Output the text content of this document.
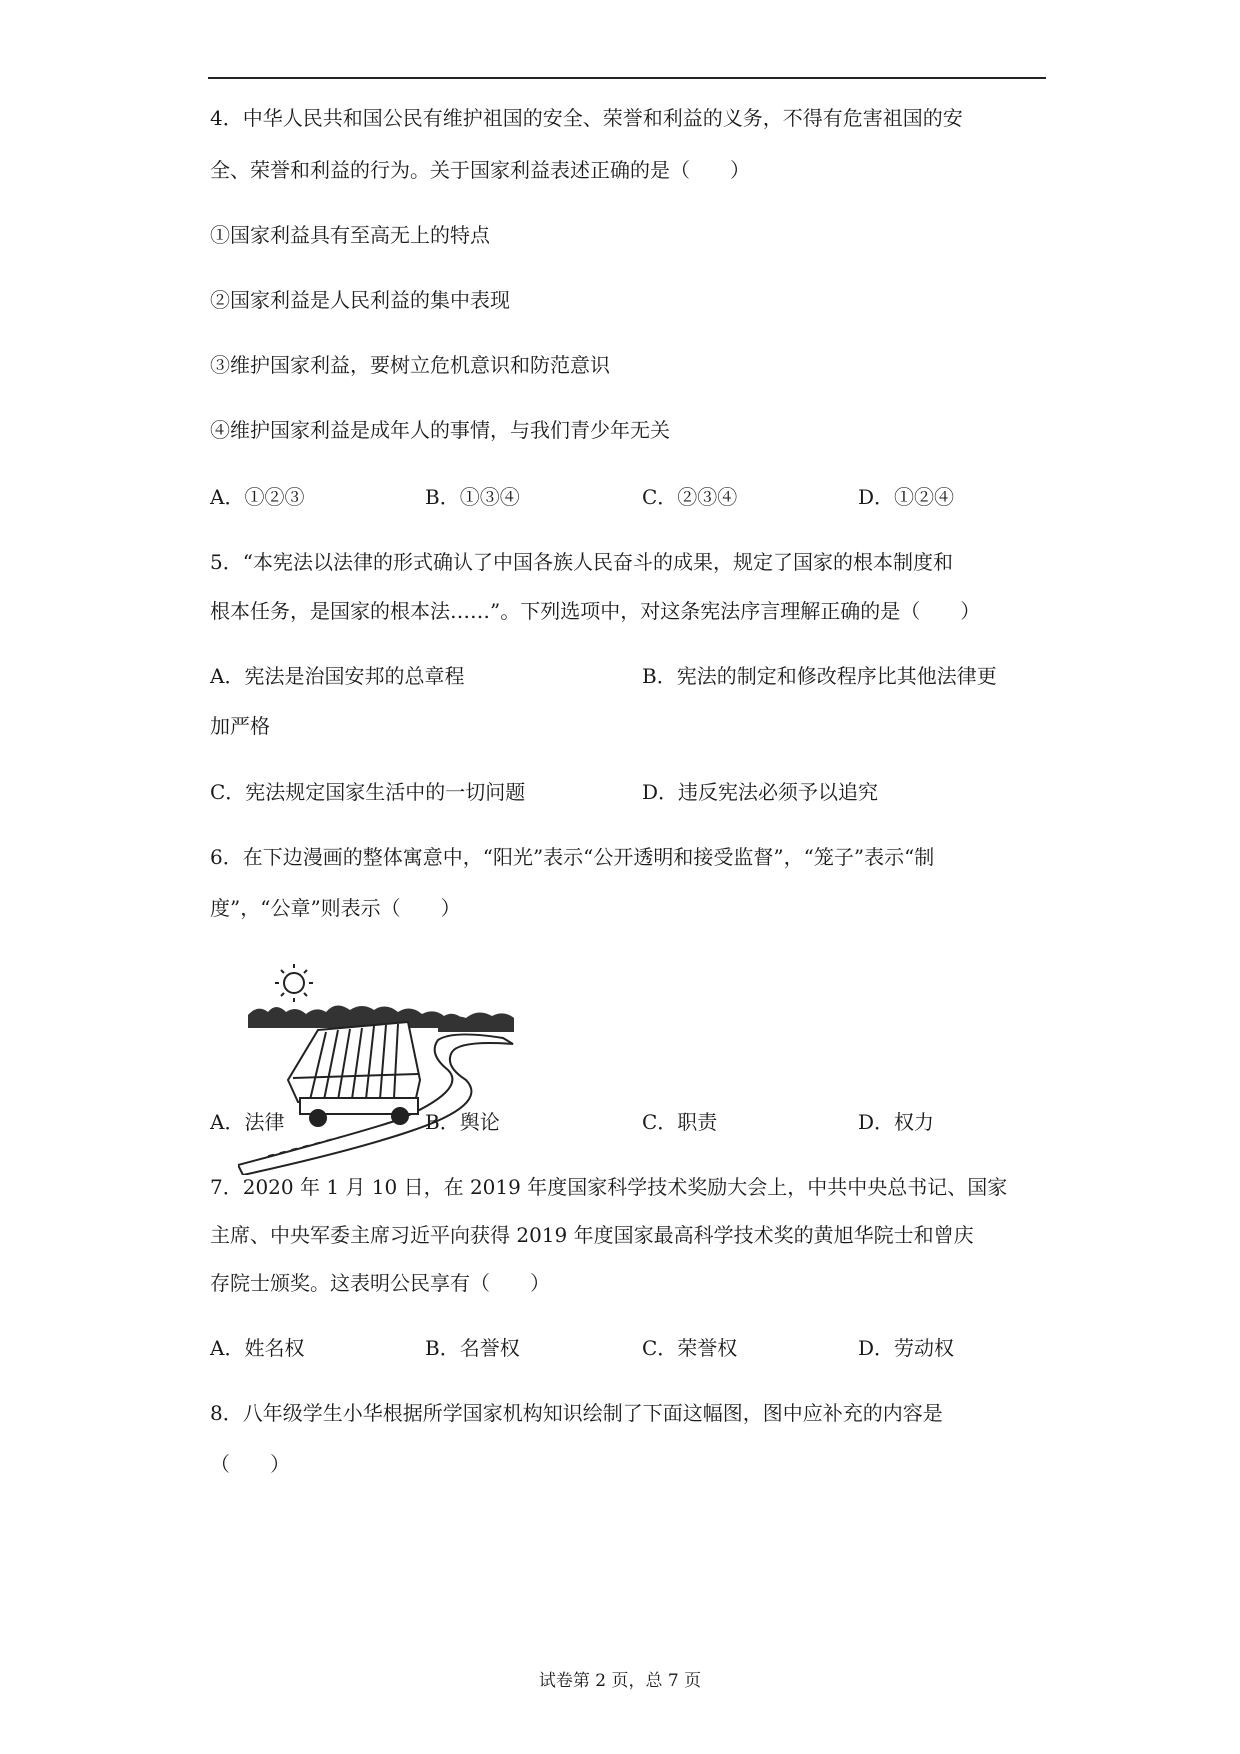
4．中华人民共和国公民有维护祖国的安全、荣誉和利益的义务，不得有危害祖国的安
全、荣誉和利益的行为。关于国家利益表述正确的是（　　）
①国家利益具有至高无上的特点
②国家利益是人民利益的集中表现
③维护国家利益，要树立危机意识和防范意识
④维护国家利益是成年人的事情，与我们青少年无关
A．①②③	B．①③④	C．②③④	D．①②④
5．“本宪法以法律的形式确认了中国各族人民奋斗的成果，规定了国家的根本制度和
根本任务，是国家的根本法……”。下列选项中，对这条宪法序言理解正确的是（　　）
A．宪法是治国安邦的总章程	B．宪法的制定和修改程序比其他法律更
加严格
C．宪法规定国家生活中的一切问题	D．违反宪法必须予以追究
6．在下边漫画的整体寓意中，“阳光”表示“公开透明和接受监督”，“笼子”表示“制
度”，“公章”则表示（　　）
A．法律	B．舆论	C．职责	D．权力
7．2020 年 1 月 10 日，在 2019 年度国家科学技术奖励大会上，中共中央总书记、国家
主席、中央军委主席习近平向获得 2019 年度国家最高科学技术奖的黄旭华院士和曾庆
存院士颁奖。这表明公民享有（　　）
A．姓名权	B．名誉权	C．荣誉权	D．劳动权
8．八年级学生小华根据所学国家机构知识绘制了下面这幅图，图中应补充的内容是
（　　）
试卷第 2 页，总 7 页
